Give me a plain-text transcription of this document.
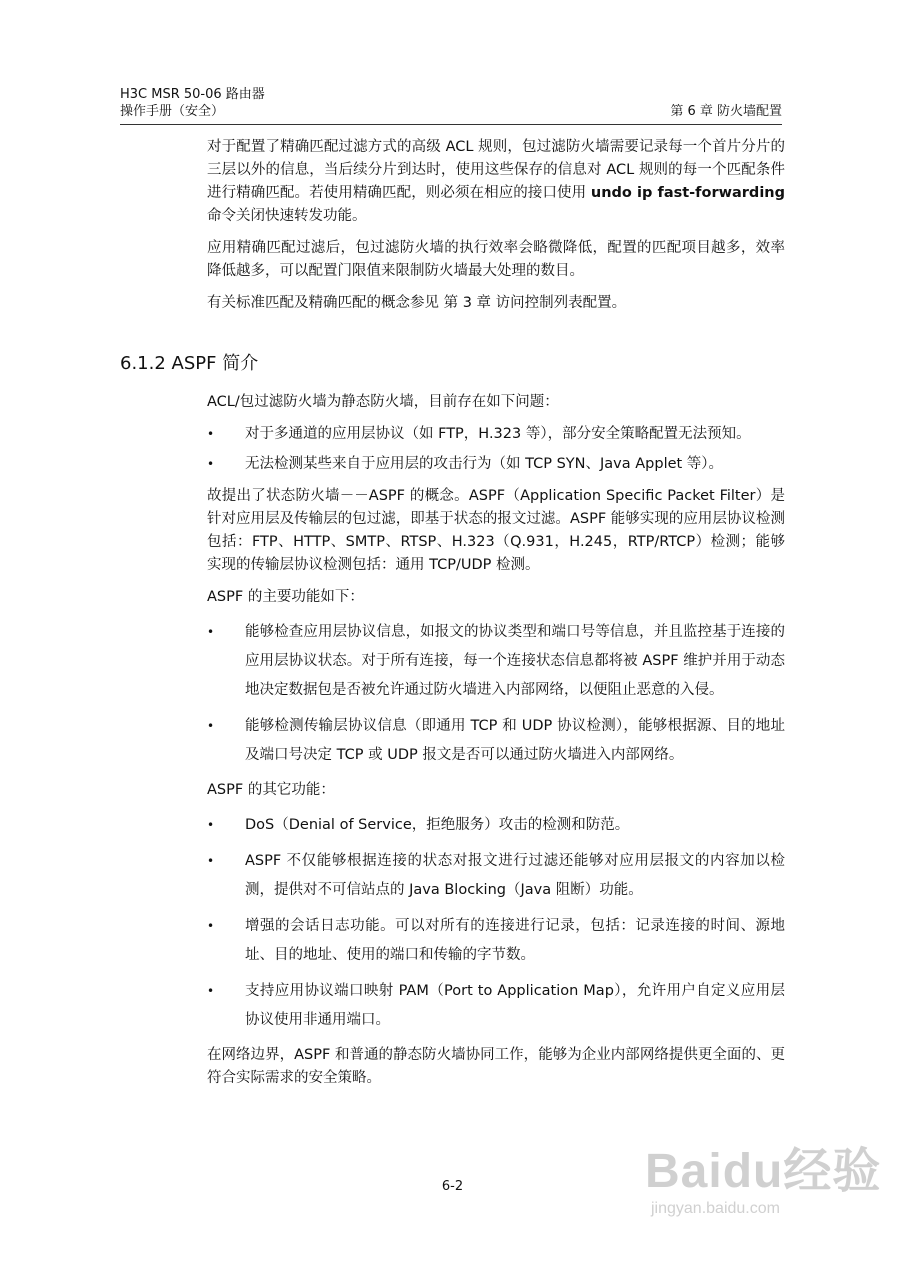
H3C MSR 50-06 路由器
操作手册（安全）	第 6 章 防火墙配置

对于配置了精确匹配过滤方式的高级 ACL 规则，包过滤防火墙需要记录每一个首片分片的三层以外的信息，当后续分片到达时，使用这些保存的信息对 ACL 规则的每一个匹配条件进行精确匹配。若使用精确匹配，则必须在相应的接口使用 undo ip fast-forwarding 命令关闭快速转发功能。

应用精确匹配过滤后，包过滤防火墙的执行效率会略微降低，配置的匹配项目越多，效率降低越多，可以配置门限值来限制防火墙最大处理的数目。

有关标准匹配及精确匹配的概念参见 第 3 章 访问控制列表配置。

6.1.2 ASPF 简介

ACL/包过滤防火墙为静态防火墙，目前存在如下问题：

• 对于多通道的应用层协议（如 FTP，H.323 等），部分安全策略配置无法预知。
• 无法检测某些来自于应用层的攻击行为（如 TCP SYN、Java Applet 等）。

故提出了状态防火墙－－ASPF 的概念。ASPF（Application Specific Packet Filter）是针对应用层及传输层的包过滤，即基于状态的报文过滤。ASPF 能够实现的应用层协议检测包括：FTP、HTTP、SMTP、RTSP、H.323（Q.931，H.245，RTP/RTCP）检测；能够实现的传输层协议检测包括：通用 TCP/UDP 检测。

ASPF 的主要功能如下：

• 能够检查应用层协议信息，如报文的协议类型和端口号等信息，并且监控基于连接的应用层协议状态。对于所有连接，每一个连接状态信息都将被 ASPF 维护并用于动态地决定数据包是否被允许通过防火墙进入内部网络，以便阻止恶意的入侵。
• 能够检测传输层协议信息（即通用 TCP 和 UDP 协议检测），能够根据源、目的地址及端口号决定 TCP 或 UDP 报文是否可以通过防火墙进入内部网络。

ASPF 的其它功能：

• DoS（Denial of Service，拒绝服务）攻击的检测和防范。
• ASPF 不仅能够根据连接的状态对报文进行过滤还能够对应用层报文的内容加以检测，提供对不可信站点的 Java Blocking（Java 阻断）功能。
• 增强的会话日志功能。可以对所有的连接进行记录，包括：记录连接的时间、源地址、目的地址、使用的端口和传输的字节数。
• 支持应用协议端口映射 PAM（Port to Application Map），允许用户自定义应用层协议使用非通用端口。

在网络边界，ASPF 和普通的静态防火墙协同工作，能够为企业内部网络提供更全面的、更符合实际需求的安全策略。

6-2	Baidu经验
jingyan.baidu.com
